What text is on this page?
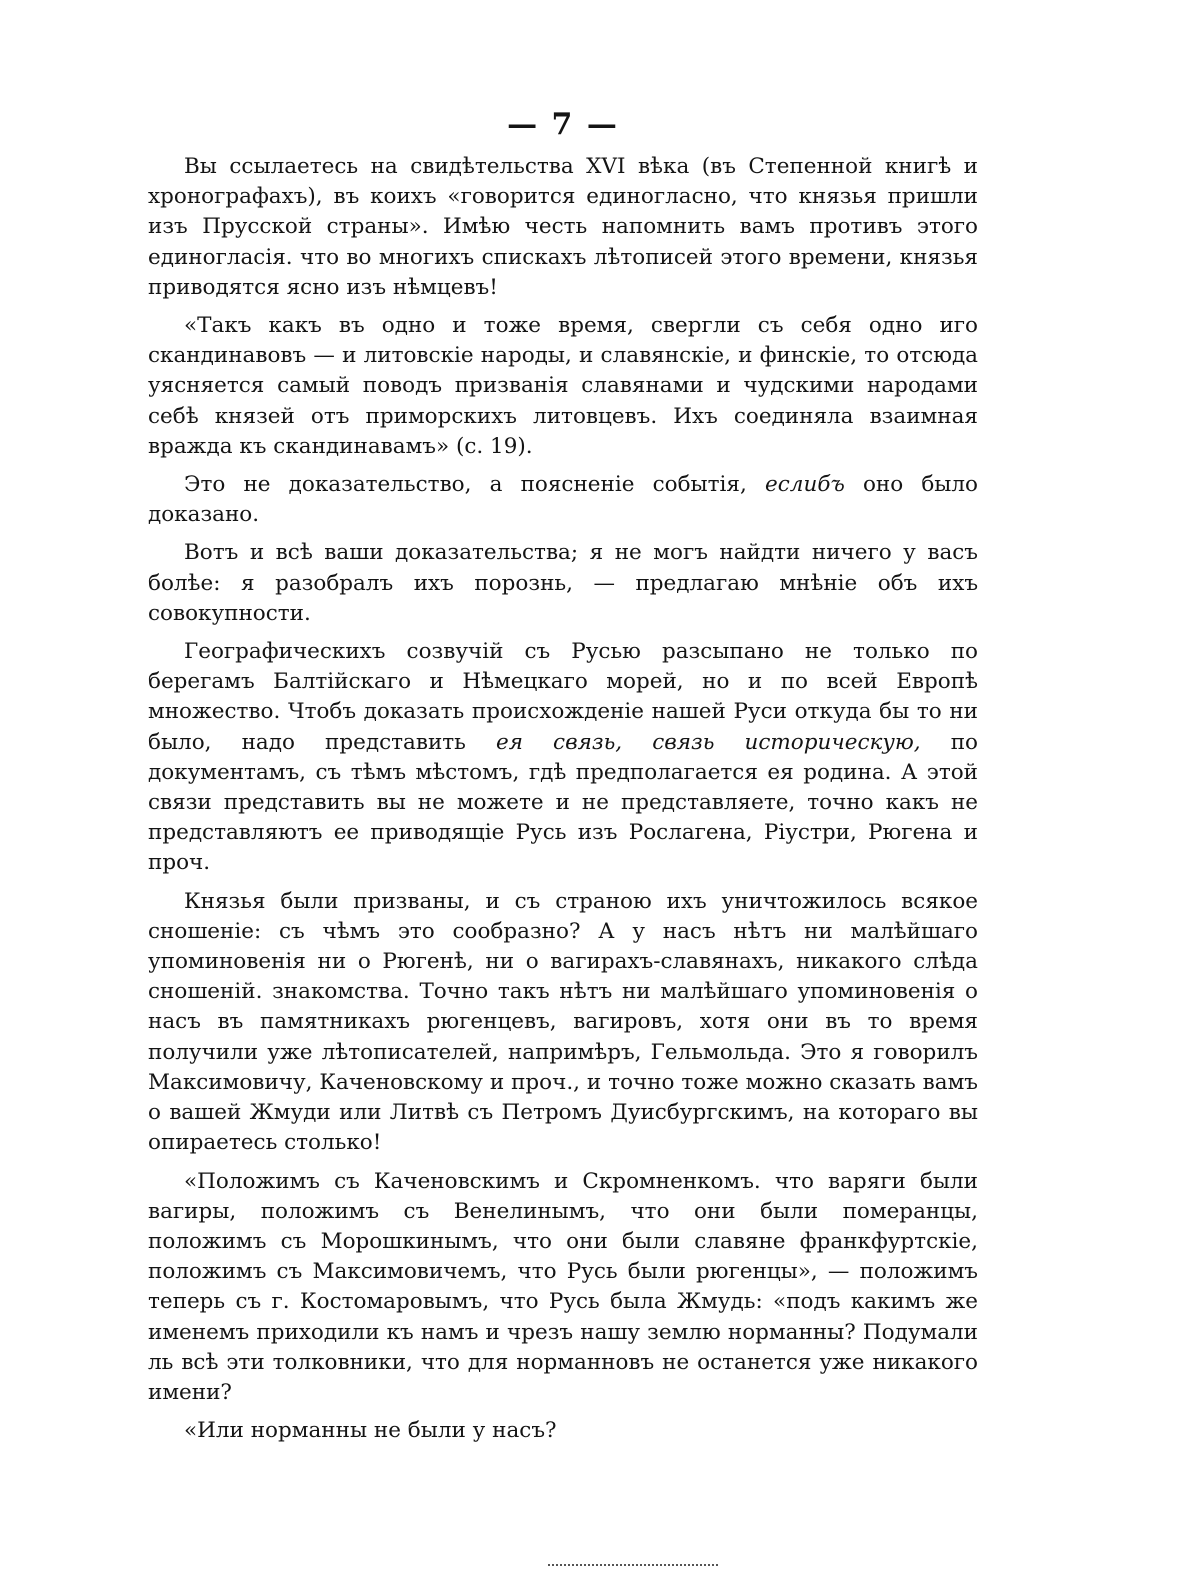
— 7 —

Вы ссылаетесь на свидѣтельства XVI вѣка (въ Степенной книгѣ и хронографахъ), въ коихъ «говорится единогласно, что князья пришли изъ Прусской страны». Имѣю честь напомнить вамъ противъ этого единогласія. что во многихъ спискахъ лѣтописей этого времени, князья приводятся ясно изъ нѣмцевъ!

«Такъ какъ въ одно и тоже время, свергли съ себя одно иго скандинавовъ — и литовскіе народы, и славянскіе, и финскіе, то отсюда уясняется самый поводъ призванія славянами и чудскими народами себѣ князей отъ приморскихъ литовцевъ. Ихъ соединяла взаимная вражда къ скандинавамъ» (с. 19).

Это не доказательство, а поясненіе событія, еслибъ оно было доказано.

Вотъ и всѣ ваши доказательства; я не могъ найдти ничего у васъ болѣе: я разобралъ ихъ порознь, — предлагаю мнѣніе объ ихъ совокупности.

Географическихъ созвучій съ Русью разсыпано не только по берегамъ Балтійскаго и Нѣмецкаго морей, но и по всей Европѣ множество. Чтобъ доказать происхожденіе нашей Руси откуда бы то ни было, надо представить ея связь, связь историческую, по документамъ, съ тѣмъ мѣстомъ, гдѣ предполагается ея родина. А этой связи представить вы не можете и не представляете, точно какъ не представляютъ ее приводящіе Русь изъ Рослагена, Ріустри, Рюгена и проч.

Князья были призваны, и съ страною ихъ уничтожилось всякое сношеніе: съ чѣмъ это сообразно? А у насъ нѣтъ ни малѣйшаго упоминовенія ни о Рюгенѣ, ни о вагирахъ-славянахъ, никакого слѣда сношеній. знакомства. Точно такъ нѣтъ ни малѣйшаго упоминовенія о насъ въ памятникахъ рюгенцевъ, вагировъ, хотя они въ то время получили уже лѣтописателей, напримѣръ, Гельмольда. Это я говорилъ Максимовичу, Каченовскому и проч., и точно тоже можно сказать вамъ о вашей Жмуди или Литвѣ съ Петромъ Дуисбургскимъ, на котораго вы опираетесь столько!

«Положимъ съ Каченовскимъ и Скромненкомъ. что варяги были вагиры, положимъ съ Венелинымъ, что они были померанцы, положимъ съ Морошкинымъ, что они были славяне франкфуртскіе, положимъ съ Максимовичемъ, что Русь были рюгенцы», — положимъ теперь съ г. Костомаровымъ, что Русь была Жмудь: «подъ какимъ же именемъ приходили къ намъ и чрезъ нашу землю норманны? Подумали ль всѣ эти толковники, что для норманновъ не останется уже никакого имени?

«Или норманны не были у насъ?
